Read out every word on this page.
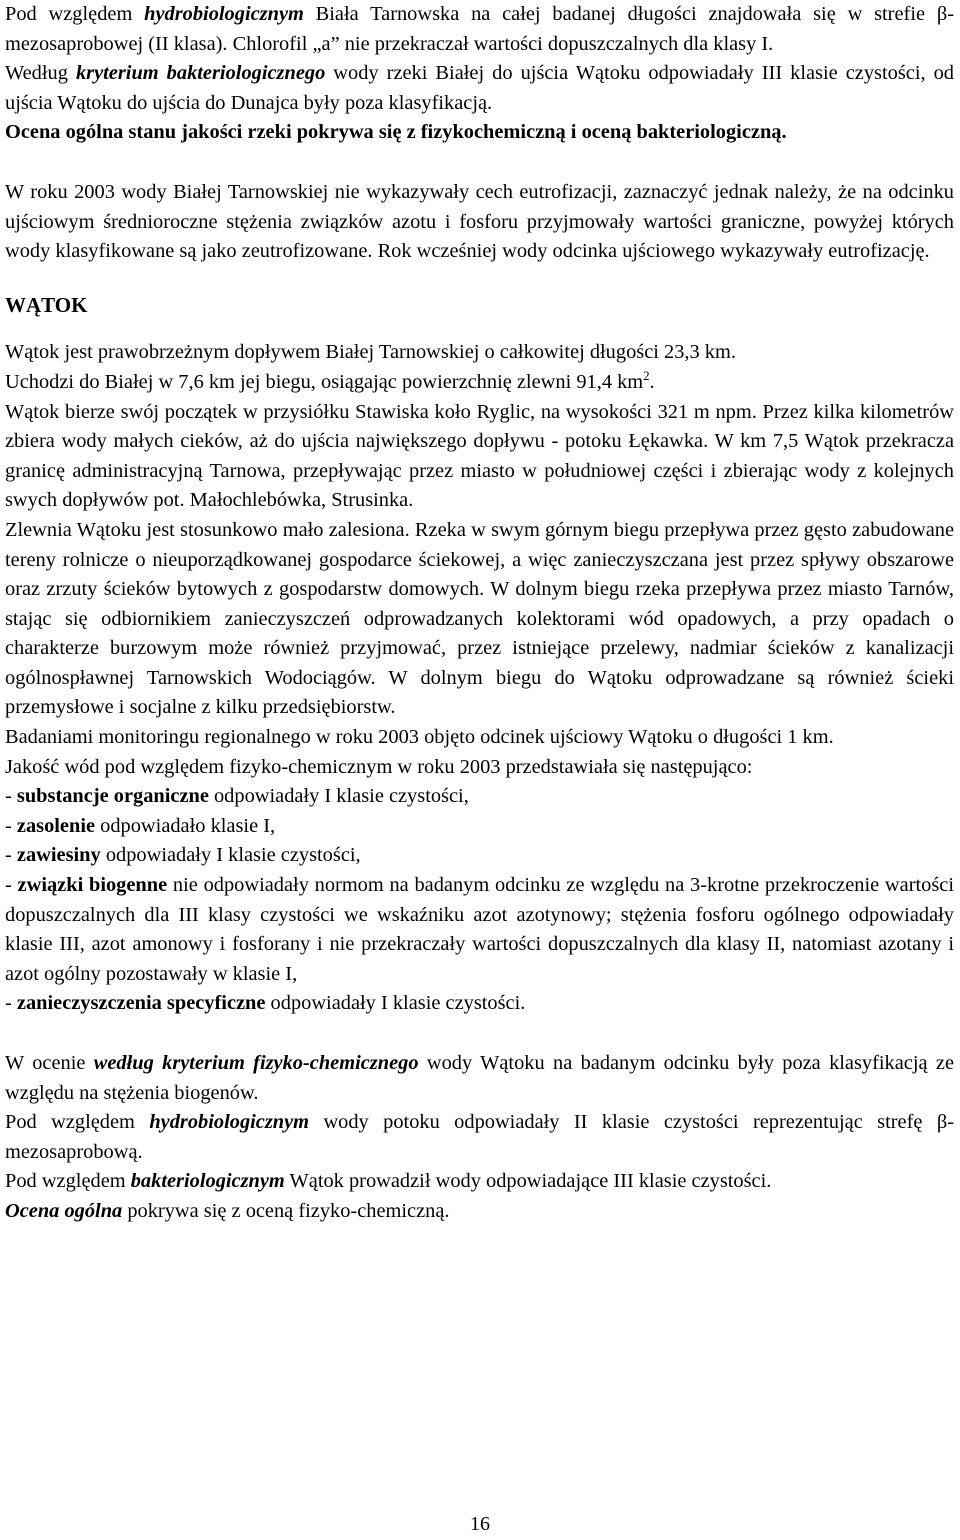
Pod względem hydrobiologicznym Biała Tarnowska na całej badanej długości znajdowała się w strefie β-mezosaprobowej (II klasa). Chlorofil „a” nie przekraczał wartości dopuszczalnych dla klasy I.

Według kryterium bakteriologicznego wody rzeki Białej do ujścia Wątoku odpowiadały III klasie czystości, od ujścia Wątoku do ujścia do Dunajca były poza klasyfikacją.

Ocena ogólna stanu jakości rzeki pokrywa się z fizykochemiczną i oceną bakteriologiczną.

W roku 2003 wody Białej Tarnowskiej nie wykazywały cech eutrofizacji, zaznaczyć jednak należy, że na odcinku ujściowym średnioroczne stężenia związków azotu i fosforu przyjmowały wartości graniczne, powyżej których wody klasyfikowane są jako zeutrofizowane. Rok wcześniej wody odcinka ujściowego wykazywały eutrofizację.

WĄTOK

Wątok jest prawobrzeżnym dopływem Białej Tarnowskiej o całkowitej długości 23,3 km.

Uchodzi do Białej w 7,6 km jej biegu, osiągając powierzchnię zlewni 91,4 $km^2$.

Wątok bierze swój początek w przysiółku Stawiska koło Ryglic, na wysokości 321 m npm. Przez kilka kilometrów zbiera wody małych cieków, aż do ujścia największego dopływu - potoku Łękawka. W km 7,5 Wątok przekracza granicę administracyjną Tarnowa, przepływając przez miasto w południowej części i zbierając wody z kolejnych swych dopływów pot. Małochlebówka, Strusinka.

Zlewnia Wątoku jest stosunkowo mało zalesiona. Rzeka w swym górnym biegu przepływa przez gęsto zabudowane tereny rolnicze o nieuporządkowanej gospodarce ściekowej, a więc zanieczyszczana jest przez spływy obszarowe oraz zrzuty ścieków bytowych z gospodarstw domowych. W dolnym biegu rzeka przepływa przez miasto Tarnów, stając się odbiornikiem zanieczyszczeń odprowadzanych kolektorami wód opadowych, a przy opadach o charakterze burzowym może również przyjmować, przez istniejące przelewy, nadmiar ścieków z kanalizacji ogólnospławnej Tarnowskich Wodociągów. W dolnym biegu do Wątoku odprowadzane są również ścieki przemysłowe i socjalne z kilku przedsiębiorstw.

Badaniami monitoringu regionalnego w roku 2003 objęto odcinek ujściowy Wątoku o długości 1 km.

Jakość wód pod względem fizyko-chemicznym w roku 2003 przedstawiała się następująco:

- substancje organiczne odpowiadały I klasie czystości,

- zasolenie odpowiadało klasie I,

- zawiesiny odpowiadały I klasie czystości,

- związki biogenne nie odpowiadały normom na badanym odcinku ze względu na 3-krotne przekroczenie wartości dopuszczalnych dla III klasy czystości we wskaźniku azot azotynowy; stężenia fosforu ogólnego odpowiadały klasie III, azot amonowy i fosforany i nie przekraczały wartości dopuszczalnych dla klasy II, natomiast azotany i azot ogólny pozostawały w klasie I,

- zanieczyszczenia specyficzne odpowiadały I klasie czystości.

W ocenie według kryterium fizyko-chemicznego wody Wątoku na badanym odcinku były poza klasyfikacją ze względu na stężenia biogenów.

Pod względem hydrobiologicznym wody potoku odpowiadały II klasie czystości reprezentując strefę β-mezosaprobową.

Pod względem bakteriologicznym Wątok prowadził wody odpowiadające III klasie czystości.

Ocena ogólna pokrywa się z oceną fizyko-chemiczną.

16
